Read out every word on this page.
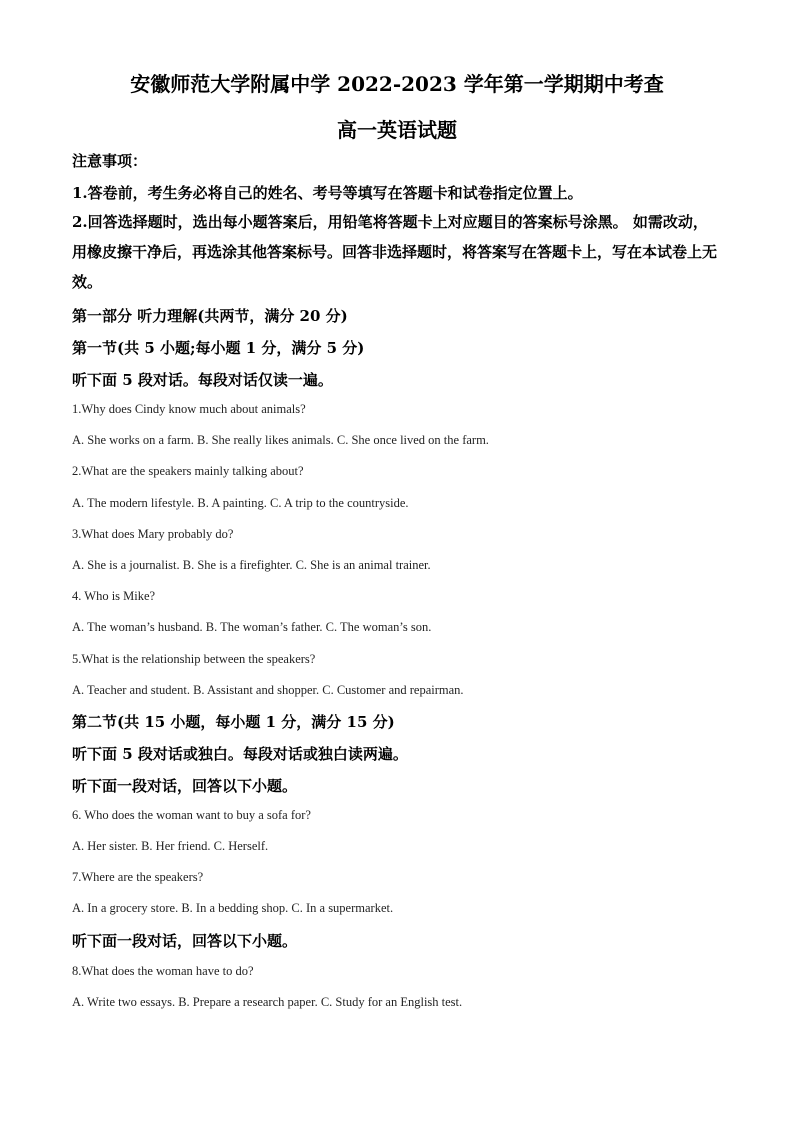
安徽师范大学附属中学 2022-2023 学年第一学期期中考查
高一英语试题
注意事项：
1.答卷前，考生务必将自己的姓名、考号等填写在答题卡和试卷指定位置上。
2.回答选择题时，选出每小题答案后，用铅笔将答题卡上对应题目的答案标号涂黑。 如需改动，用橡皮擦干净后，再选涂其他答案标号。回答非选择题时，将答案写在答题卡上，写在本试卷上无效。
第一部分 听力理解(共两节，满分 20 分)
第一节(共 5 小题;每小题 1 分，满分 5 分)
听下面 5 段对话。每段对话仅读一遍。
1.Why does Cindy know much about animals?
A. She works on a farm. B. She really likes animals. C. She once lived on the farm.
2.What are the speakers mainly talking about?
A. The modern lifestyle. B. A painting. C. A trip to the countryside.
3.What does Mary probably do?
A. She is a journalist. B. She is a firefighter. C. She is an animal trainer.
4. Who is Mike?
A. The woman’s husband. B. The woman’s father. C. The woman’s son.
5.What is the relationship between the speakers?
A. Teacher and student. B. Assistant and shopper. C. Customer and repairman.
第二节(共 15 小题，每小题 1 分，满分 15 分)
听下面 5 段对话或独白。每段对话或独白读两遍。
听下面一段对话，回答以下小题。
6. Who does the woman want to buy a sofa for?
A. Her sister. B. Her friend. C. Herself.
7.Where are the speakers?
A. In a grocery store. B. In a bedding shop. C. In a supermarket.
听下面一段对话，回答以下小题。
8.What does the woman have to do?
A. Write two essays. B. Prepare a research paper. C. Study for an English test.
